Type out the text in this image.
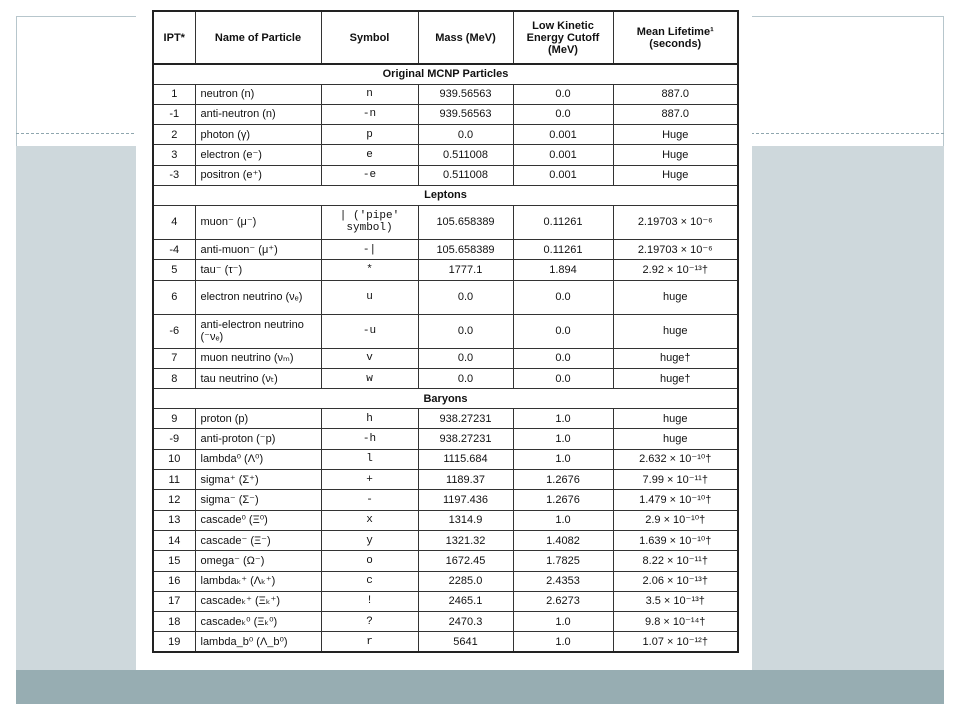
IPT*	Name of Particle	Symbol	Mass (MeV)	Low Kinetic Energy Cutoff (MeV)	Mean Lifetime¹ (seconds)
Original MCNP Particles					
1	neutron (n)	n	939.56563	0.0	887.0
-1	anti-neutron (n)	-n	939.56563	0.0	887.0
2	photon (γ)	p	0.0	0.001	Huge
3	electron (e⁻)	e	0.511008	0.001	Huge
-3	positron (e⁺)	-e	0.511008	0.001	Huge
Leptons					
4	muon⁻ (μ⁻)	| ('pipe' symbol)	105.658389	0.11261	2.19703 × 10⁻⁶
-4	anti-muon⁻ (μ⁺)	-|	105.658389	0.11261	2.19703 × 10⁻⁶
5	tau⁻ (τ⁻)	*	1777.1	1.894	2.92 × 10⁻¹³†
6	electron neutrino (νₑ)	u	0.0	0.0	huge
-6	anti-electron neutrino (⁻νₑ)	-u	0.0	0.0	huge
7	muon neutrino (νₘ)	v	0.0	0.0	huge†
8	tau neutrino (νₜ)	w	0.0	0.0	huge†
Baryons					
9	proton (p)	h	938.27231	1.0	huge
-9	anti-proton (⁻p)	-h	938.27231	1.0	huge
10	lambda⁰ (Λ⁰)	l	1115.684	1.0	2.632 × 10⁻¹⁰†
11	sigma⁺ (Σ⁺)	+	1189.37	1.2676	7.99 × 10⁻¹¹†
12	sigma⁻ (Σ⁻)	-	1197.436	1.2676	1.479 × 10⁻¹⁰†
13	cascade⁰ (Ξ⁰)	x	1314.9	1.0	2.9 × 10⁻¹⁰†
14	cascade⁻ (Ξ⁻)	y	1321.32	1.4082	1.639 × 10⁻¹⁰†
15	omega⁻ (Ω⁻)	o	1672.45	1.7825	8.22 × 10⁻¹¹†
16	lambdaₖ⁺ (Λₖ⁺)	c	2285.0	2.4353	2.06 × 10⁻¹³†
17	cascadeₖ⁺ (Ξₖ⁺)	!	2465.1	2.6273	3.5 × 10⁻¹³†
18	cascadeₖ⁰ (Ξₖ⁰)	?	2470.3	1.0	9.8 × 10⁻¹⁴†
19	lambda_b⁰ (Λ_b⁰)	r	5641	1.0	1.07 × 10⁻¹²†
